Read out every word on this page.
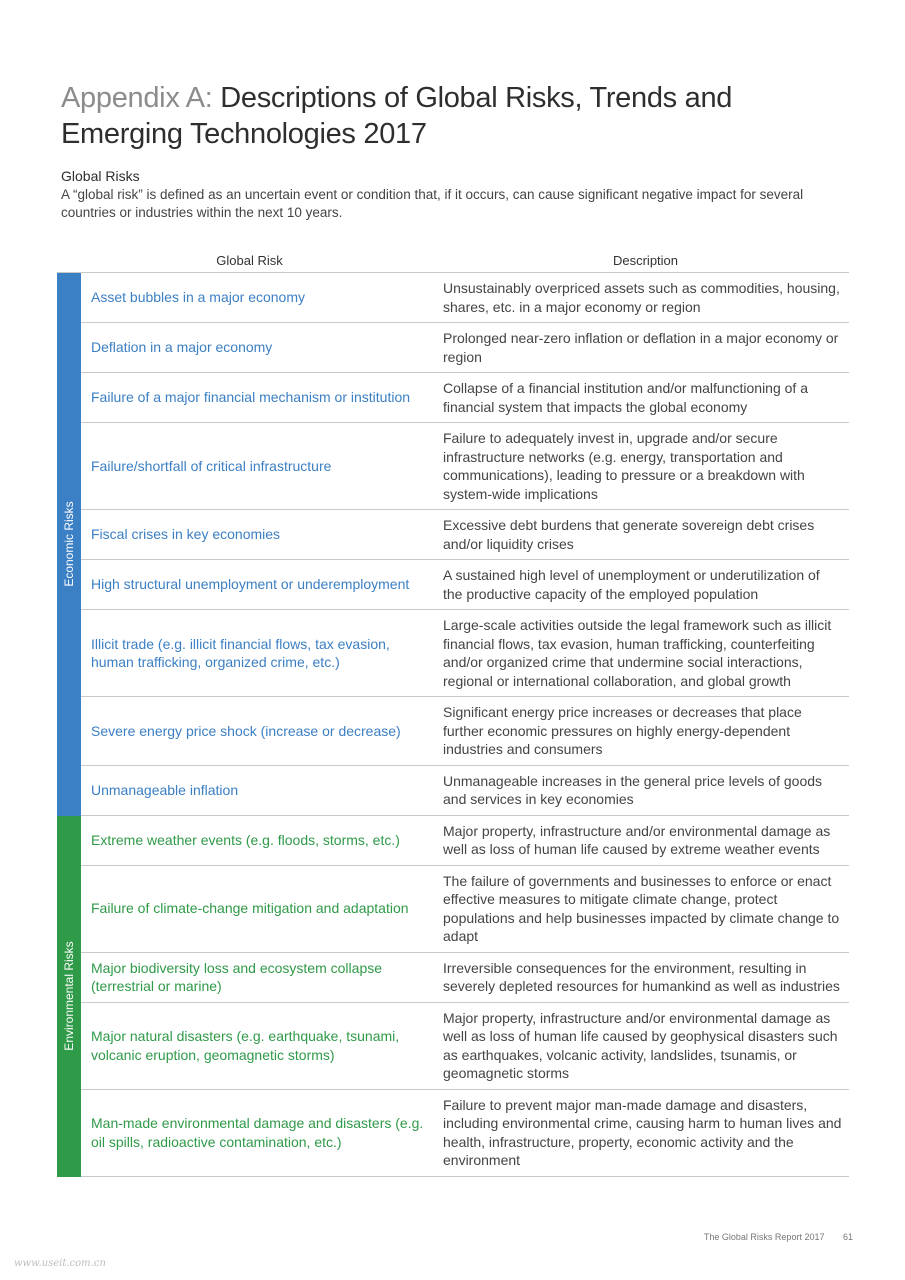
Appendix A: Descriptions of Global Risks, Trends and Emerging Technologies 2017
Global Risks
A “global risk” is defined as an uncertain event or condition that, if it occurs, can cause significant negative impact for several countries or industries within the next 10 years.
Global Risk	Description
Economic Risks
Asset bubbles in a major economy
Unsustainably overpriced assets such as commodities, housing, shares, etc. in a major economy or region
Deflation in a major economy
Prolonged near-zero inflation or deflation in a major economy or region
Failure of a major financial mechanism or institution
Collapse of a financial institution and/or malfunctioning of a financial system that impacts the global economy
Failure/shortfall of critical infrastructure
Failure to adequately invest in, upgrade and/or secure infrastructure networks (e.g. energy, transportation and communications), leading to pressure or a breakdown with system-wide implications
Fiscal crises in key economies
Excessive debt burdens that generate sovereign debt crises and/or liquidity crises
High structural unemployment or underemployment
A sustained high level of unemployment or underutilization of the productive capacity of the employed population
Illicit trade (e.g. illicit financial flows, tax evasion, human trafficking, organized crime, etc.)
Large-scale activities outside the legal framework such as illicit financial flows, tax evasion, human trafficking, counterfeiting and/or organized crime that undermine social interactions, regional or international collaboration, and global growth
Severe energy price shock (increase or decrease)
Significant energy price increases or decreases that place further economic pressures on highly energy-dependent industries and consumers
Unmanageable inflation
Unmanageable increases in the general price levels of goods and services in key economies
Environmental Risks
Extreme weather events (e.g. floods, storms, etc.)
Major property, infrastructure and/or environmental damage as well as loss of human life caused by extreme weather events
Failure of climate-change mitigation and adaptation
The failure of governments and businesses to enforce or enact effective measures to mitigate climate change, protect populations and help businesses impacted by climate change to adapt
Major biodiversity loss and ecosystem collapse (terrestrial or marine)
Irreversible consequences for the environment, resulting in severely depleted resources for humankind as well as industries
Major natural disasters (e.g. earthquake, tsunami, volcanic eruption, geomagnetic storms)
Major property, infrastructure and/or environmental damage as well as loss of human life caused by geophysical disasters such as earthquakes, volcanic activity, landslides, tsunamis, or geomagnetic storms
Man-made environmental damage and disasters (e.g. oil spills, radioactive contamination, etc.)
Failure to prevent major man-made damage and disasters, including environmental crime, causing harm to human lives and health, infrastructure, property, economic activity and the environment
The Global Risks Report 2017 61
www.useit.com.cn
